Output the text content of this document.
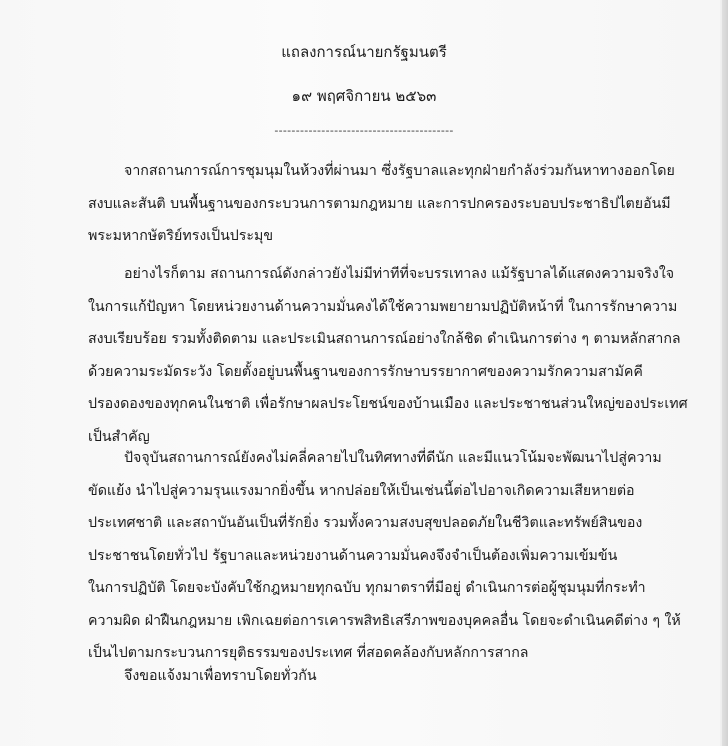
แถลงการณ์นายกรัฐมนตรี
๑๙ พฤศจิกายน ๒๕๖๓
------------------------------------------

จากสถานการณ์การชุมนุมในห้วงที่ผ่านมา ซึ่งรัฐบาลและทุกฝ่ายกำลังร่วมกันหาทางออกโดย
สงบและสันติ บนพื้นฐานของกระบวนการตามกฎหมาย และการปกครองระบอบประชาธิปไตยอันมี
พระมหากษัตริย์ทรงเป็นประมุข

อย่างไรก็ตาม สถานการณ์ดังกล่าวยังไม่มีท่าทีที่จะบรรเทาลง แม้รัฐบาลได้แสดงความจริงใจ
ในการแก้ปัญหา โดยหน่วยงานด้านความมั่นคงได้ใช้ความพยายามปฏิบัติหน้าที่ ในการรักษาความ
สงบเรียบร้อย รวมทั้งติดตาม และประเมินสถานการณ์อย่างใกล้ชิด ดำเนินการต่าง ๆ ตามหลักสากล
ด้วยความระมัดระวัง โดยตั้งอยู่บนพื้นฐานของการรักษาบรรยากาศของความรักความสามัคคี
ปรองดองของทุกคนในชาติ เพื่อรักษาผลประโยชน์ของบ้านเมือง และประชาชนส่วนใหญ่ของประเทศ
เป็นสำคัญ

ปัจจุบันสถานการณ์ยังคงไม่คลี่คลายไปในทิศทางที่ดีนัก และมีแนวโน้มจะพัฒนาไปสู่ความ
ขัดแย้ง นำไปสู่ความรุนแรงมากยิ่งขึ้น หากปล่อยให้เป็นเช่นนี้ต่อไปอาจเกิดความเสียหายต่อ
ประเทศชาติ และสถาบันอันเป็นที่รักยิ่ง รวมทั้งความสงบสุขปลอดภัยในชีวิตและทรัพย์สินของ
ประชาชนโดยทั่วไป รัฐบาลและหน่วยงานด้านความมั่นคงจึงจำเป็นต้องเพิ่มความเข้มข้น
ในการปฏิบัติ โดยจะบังคับใช้กฎหมายทุกฉบับ ทุกมาตราที่มีอยู่ ดำเนินการต่อผู้ชุมนุมที่กระทำ
ความผิด ฝ่าฝืนกฎหมาย เพิกเฉยต่อการเคารพสิทธิเสรีภาพของบุคคลอื่น โดยจะดำเนินคดีต่าง ๆ ให้
เป็นไปตามกระบวนการยุติธรรมของประเทศ ที่สอดคล้องกับหลักการสากล

จึงขอแจ้งมาเพื่อทราบโดยทั่วกัน
